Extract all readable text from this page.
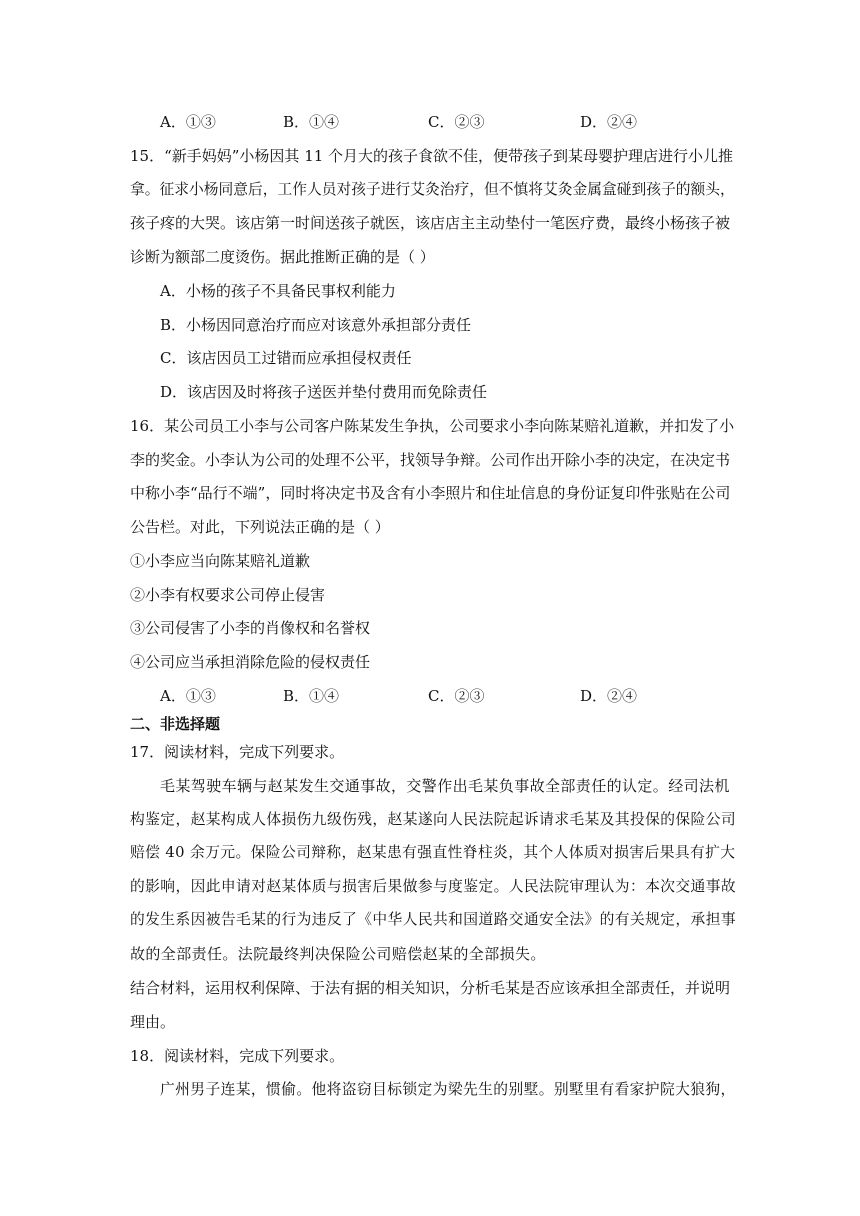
A．①③	B．①④	C．②③	D．②④
15．“新手妈妈”小杨因其 11 个月大的孩子食欲不佳，便带孩子到某母婴护理店进行小儿推
拿。征求小杨同意后，工作人员对孩子进行艾灸治疗，但不慎将艾灸金属盒碰到孩子的额头，
孩子疼的大哭。该店第一时间送孩子就医，该店店主主动垫付一笔医疗费，最终小杨孩子被
诊断为额部二度烫伤。据此推断正确的是（ ）
A．小杨的孩子不具备民事权利能力
B．小杨因同意治疗而应对该意外承担部分责任
C．该店因员工过错而应承担侵权责任
D．该店因及时将孩子送医并垫付费用而免除责任
16．某公司员工小李与公司客户陈某发生争执，公司要求小李向陈某赔礼道歉，并扣发了小
李的奖金。小李认为公司的处理不公平，找领导争辩。公司作出开除小李的决定，在决定书
中称小李“品行不端”，同时将决定书及含有小李照片和住址信息的身份证复印件张贴在公司
公告栏。对此，下列说法正确的是（ ）
①小李应当向陈某赔礼道歉
②小李有权要求公司停止侵害
③公司侵害了小李的肖像权和名誉权
④公司应当承担消除危险的侵权责任
A．①③	B．①④	C．②③	D．②④
二、非选择题
17．阅读材料，完成下列要求。
毛某驾驶车辆与赵某发生交通事故，交警作出毛某负事故全部责任的认定。经司法机
构鉴定，赵某构成人体损伤九级伤残，赵某遂向人民法院起诉请求毛某及其投保的保险公司
赔偿 40 余万元。保险公司辩称，赵某患有强直性脊柱炎，其个人体质对损害后果具有扩大
的影响，因此申请对赵某体质与损害后果做参与度鉴定。人民法院审理认为：本次交通事故
的发生系因被告毛某的行为违反了《中华人民共和国道路交通安全法》的有关规定，承担事
故的全部责任。法院最终判决保险公司赔偿赵某的全部损失。
结合材料，运用权利保障、于法有据的相关知识，分析毛某是否应该承担全部责任，并说明
理由。
18．阅读材料，完成下列要求。
广州男子连某，惯偷。他将盗窃目标锁定为梁先生的别墅。别墅里有看家护院大狼狗，
